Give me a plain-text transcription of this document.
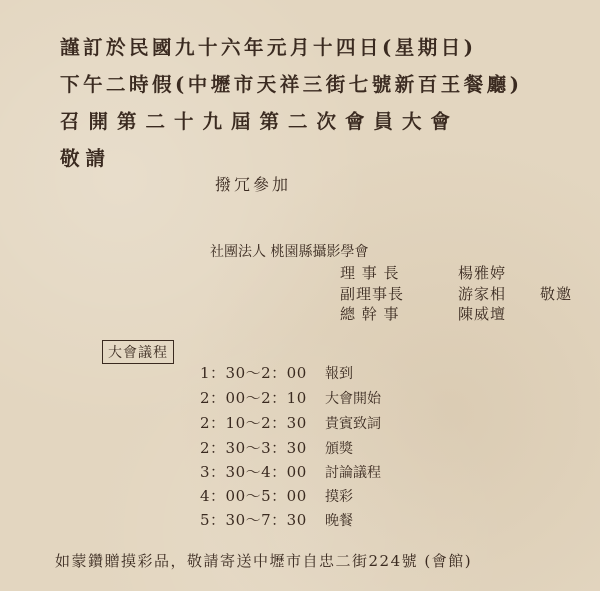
謹訂於民國九十六年元月十四日(星期日)
下午二時假(中壢市天祥三街七號新百王餐廳)
召開第二十九屆第二次會員大會
敬請
撥冗參加
社團法人 桃園縣攝影學會
理 事 長	楊雅婷
副理事長	游家相 敬邀
總 幹 事	陳威壇
大會議程
1：30～2：00 報到
2：00～2：10 大會開始
2：10～2：30 貴賓致詞
2：30～3：30 頒獎
3：30～4：00 討論議程
4：00～5：00 摸彩
5：30～7：30 晚餐
如蒙鑽贈摸彩品，敬請寄送中壢市自忠二街224號 (會館)
